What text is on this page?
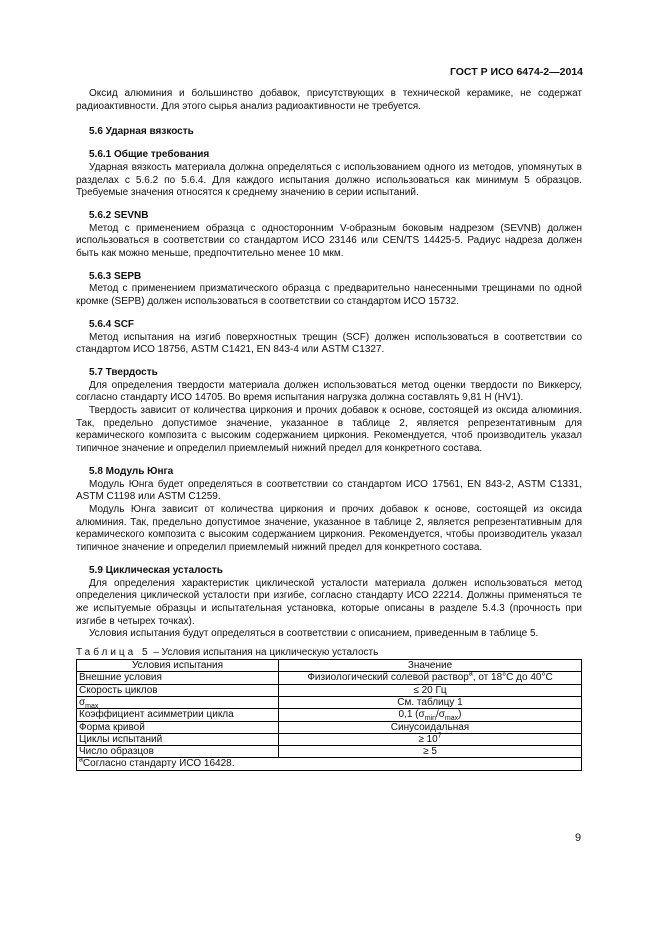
ГОСТ Р ИСО 6474-2—2014

Оксид алюминия и большинство добавок, присутствующих в технической керамике, не содержат радиоактивности. Для этого сырья анализ радиоактивности не требуется.

5.6 Ударная вязкость
5.6.1 Общие требования

Ударная вязкость материала должна определяться с использованием одного из методов, упомянутых в разделах с 5.6.2 по 5.6.4. Для каждого испытания должно использоваться как минимум 5 образцов. Требуемые значения относятся к среднему значению в серии испытаний.

5.6.2 SEVNB

Метод с применением образца с односторонним V-образным боковым надрезом (SEVNB) должен использоваться в соответствии со стандартом ИСО 23146 или CEN/TS 14425-5. Радиус надреза должен быть как можно меньше, предпочтительно менее 10 мкм.

5.6.3 SEPB

Метод с применением призматического образца с предварительно нанесенными трещинами по одной кромке (SEPB) должен использоваться в соответствии со стандартом ИСО 15732.

5.6.4 SCF

Метод испытания на изгиб поверхностных трещин (SCF) должен использоваться в соответствии со стандартом ИСО 18756, ASTM C1421, EN 843-4 или ASTM C1327.

5.7 Твердость

Для определения твердости материала должен использоваться метод оценки твердости по Виккерсу, согласно стандарту ИСО 14705. Во время испытания нагрузка должна составлять 9,81 Н (HV1).

Твердость зависит от количества циркония и прочих добавок к основе, состоящей из оксида алюминия. Так, предельно допустимое значение, указанное в таблице 2, является репрезентативным для керамического композита с высоким содержанием циркония. Рекомендуется, чтоб производитель указал типичное значение и определил приемлемый нижний предел для конкретного состава.

5.8 Модуль Юнга

Модуль Юнга будет определяться в соответствии со стандартом ИСО 17561, EN 843-2, ASTM C1331, ASTM C1198 или ASTM C1259.

Модуль Юнга зависит от количества циркония и прочих добавок к основе, состоящей из оксида алюминия. Так, предельно допустимое значение, указанное в таблице 2, является репрезентативным для керамического композита с высоким содержанием циркония. Рекомендуется, чтобы производитель указал типичное значение и определил приемлемый нижний предел для конкретного состава.

5.9 Циклическая усталость

Для определения характеристик циклической усталости материала должен использоваться метод определения циклической усталости при изгибе, согласно стандарту ИСО 22214. Должны применяться те же испытуемые образцы и испытательная установка, которые описаны в разделе 5.4.3 (прочность при изгибе в четырех точках).

Условия испытания будут определяться в соответствии с описанием, приведенным в таблице 5.

Таблица 5 – Условия испытания на циклическую усталость
Условия испытания	Значение
Внешние условия	Физиологический солевой раствор$^a$, от 18°С до 40°С
Скорость циклов	≤ 20 Гц
$\sigma_{max}$	См. таблицу 1
Коэффициент асимметрии цикла	0,1 $(\sigma_{min}/\sigma_{max})$
Форма кривой	Синусоидальная
Циклы испытаний	≥ $10^7$
Число образцов	≥ 5
$^a$Согласно стандарту ИСО 16428.	
9
